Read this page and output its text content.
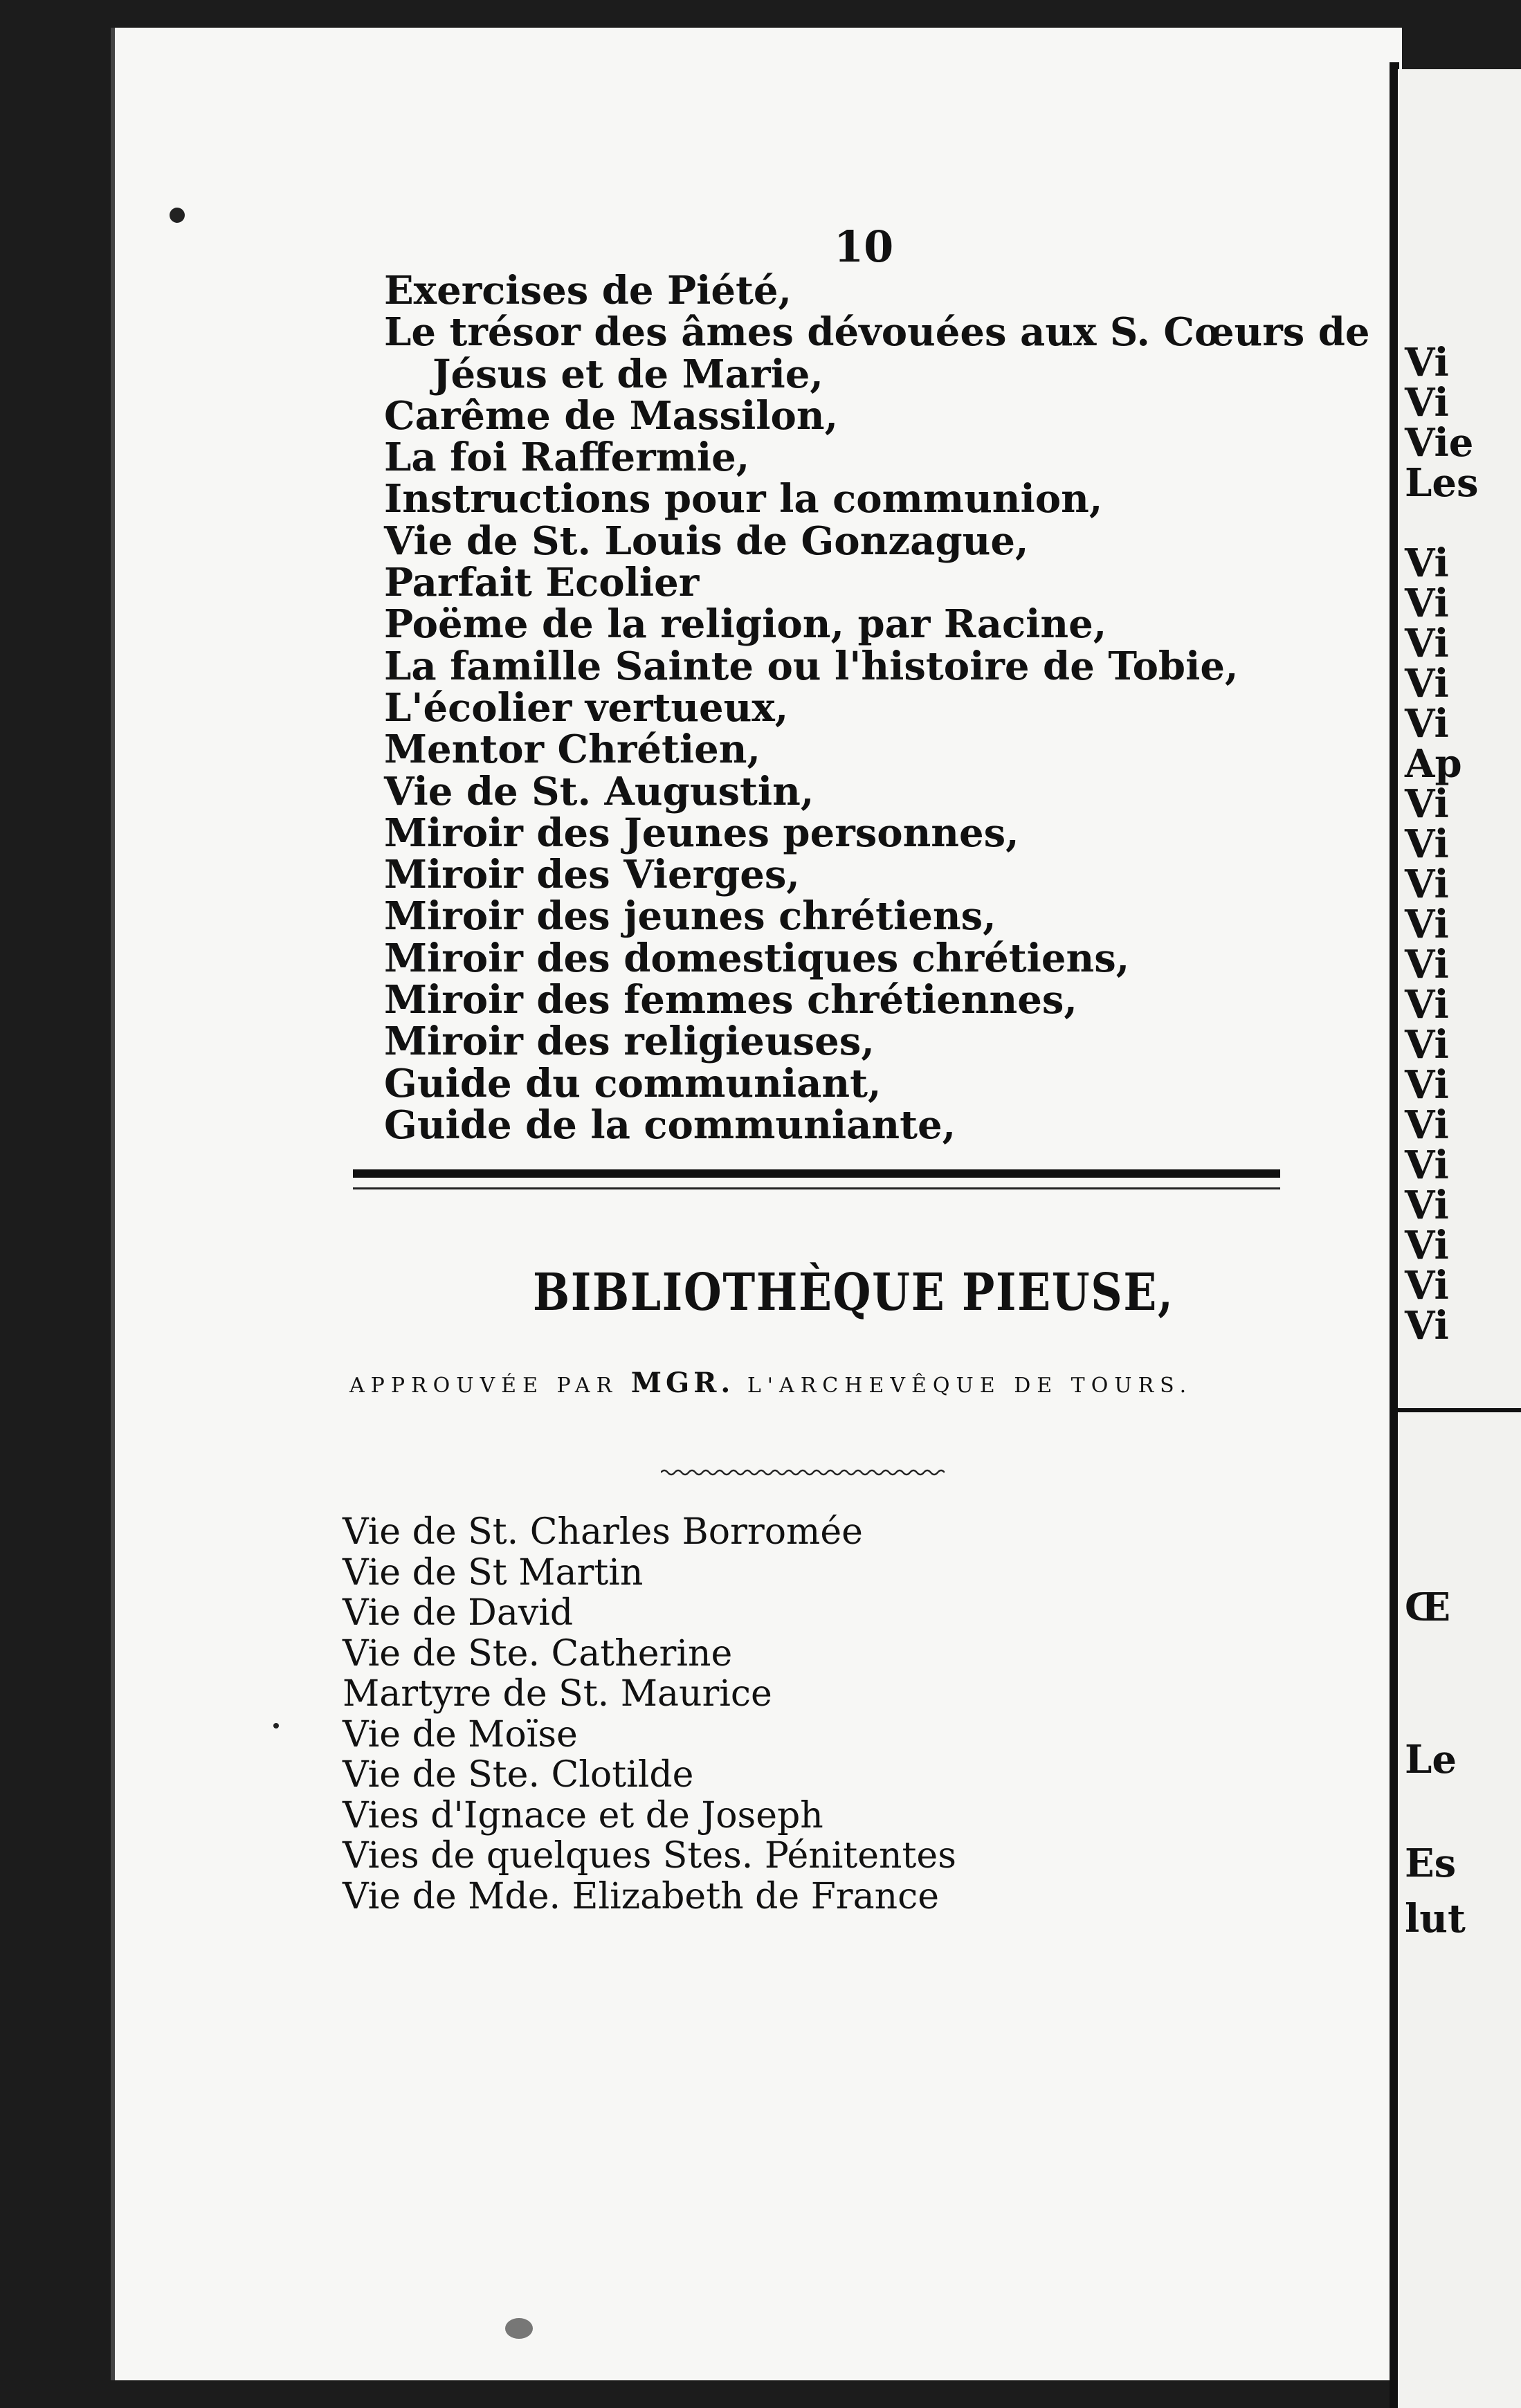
Vi
Vi
Vie
Les
Vi
Vi
Vi
Vi
Vi
Ap
Vi
Vi
Vi
Vi
Vi
Vi
Vi
Vi
Vi
Vi
Vi
Vi
Vi
Vi
Œ
Le
Es
lut
10
Exercises de Piété,
Le trésor des âmes dévouées aux S. Cœurs de
Jésus et de Marie,
Carême de Massilon,
La foi Raffermie,
Instructions pour la communion,
Vie de St. Louis de Gonzague,
Parfait Ecolier
Poëme de la religion, par Racine,
La famille Sainte ou l'histoire de Tobie,
L'écolier vertueux,
Mentor Chrétien,
Vie de St. Augustin,
Miroir des Jeunes personnes,
Miroir des Vierges,
Miroir des jeunes chrétiens,
Miroir des domestiques chrétiens,
Miroir des femmes chrétiennes,
Miroir des religieuses,
Guide du communiant,
Guide de la communiante,
BIBLIOTHÈQUE PIEUSE,
APPROUVÉE PAR MGR. L'ARCHEVÊQUE DE TOURS.
Vie de St. Charles Borromée
Vie de St Martin
Vie de David
Vie de Ste. Catherine
Martyre de St. Maurice
Vie de Moïse
Vie de Ste. Clotilde
Vies d'Ignace et de Joseph
Vies de quelques Stes. Pénitentes
Vie de Mde. Elizabeth de France
